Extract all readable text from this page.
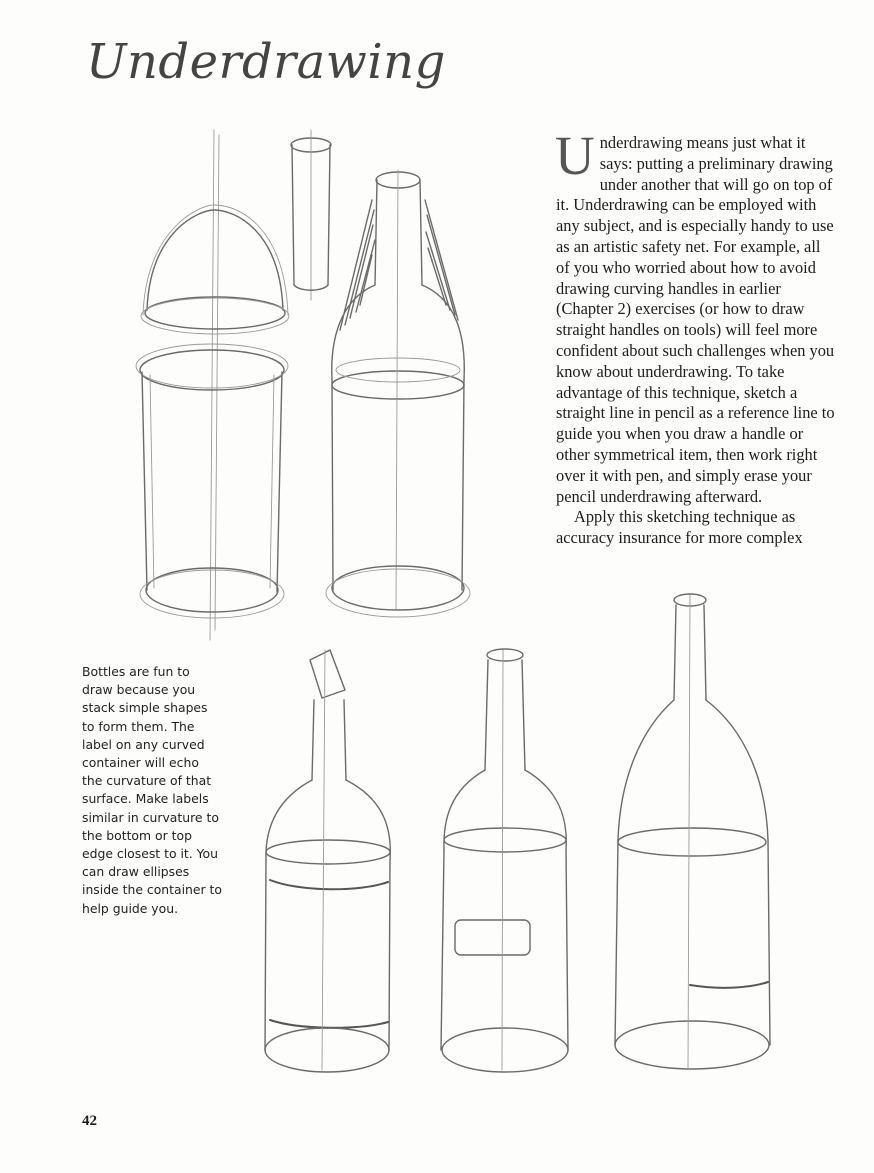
Underdrawing

Underdrawing means just what it says: putting a preliminary drawing under another that will go on top of it. Underdrawing can be employed with any subject, and is especially handy to use as an artistic safety net. For example, all of you who worried about how to avoid drawing curving handles in earlier (Chapter 2) exercises (or how to draw straight handles on tools) will feel more confident about such challenges when you know about underdrawing. To take advantage of this technique, sketch a straight line in pencil as a reference line to guide you when you draw a handle or other symmetrical item, then work right over it with pen, and simply erase your pencil underdrawing afterward.

Apply this sketching technique as accuracy insurance for more complex

Bottles are fun to draw because you stack simple shapes to form them. The label on any curved container will echo the curvature of that surface. Make labels similar in curvature to the bottom or top edge closest to it. You can draw ellipses inside the container to help guide you.

42
